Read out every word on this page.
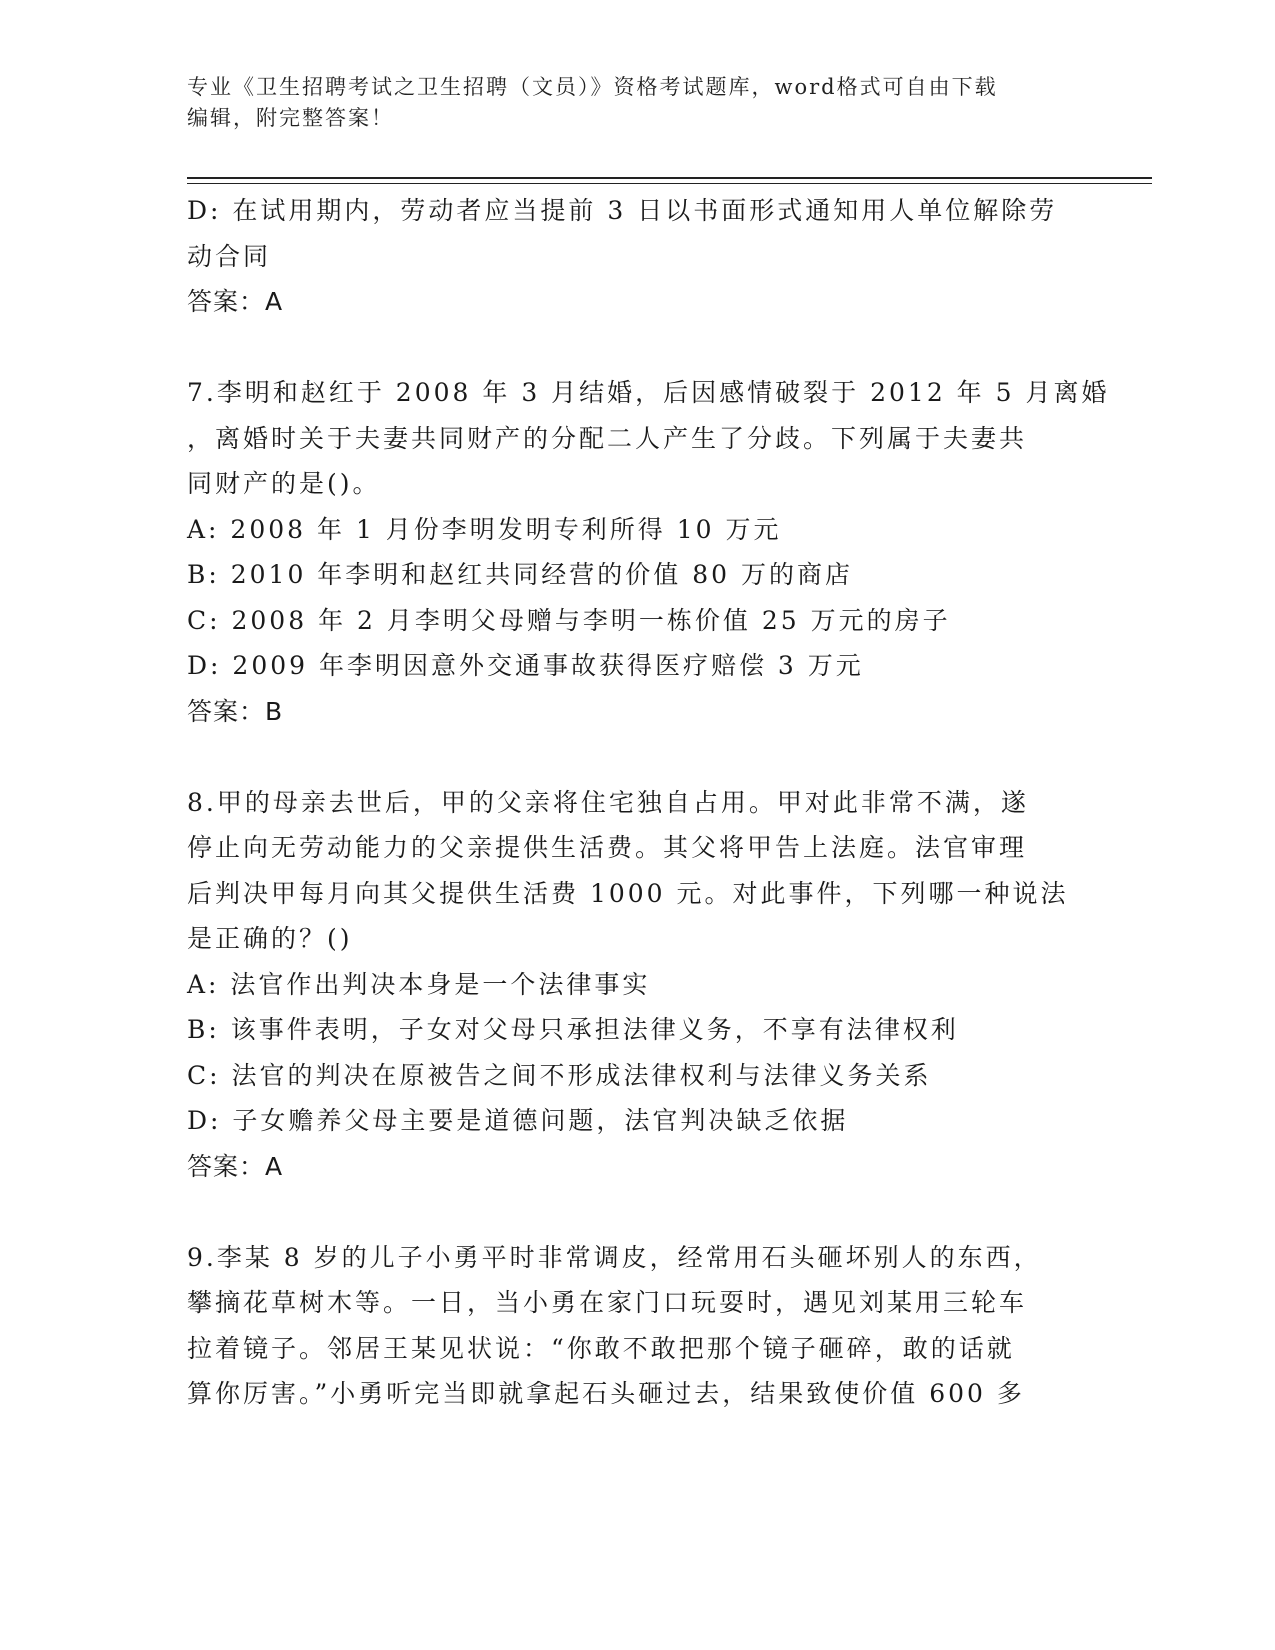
专业《卫生招聘考试之卫生招聘（文员）》资格考试题库，word格式可自由下载
编辑，附完整答案！
D: 在试用期内，劳动者应当提前 3 日以书面形式通知用人单位解除劳
动合同
答案：A
7.李明和赵红于 2008 年 3 月结婚，后因感情破裂于 2012 年 5 月离婚
，离婚时关于夫妻共同财产的分配二人产生了分歧。下列属于夫妻共
同财产的是()。
A: 2008 年 1 月份李明发明专利所得 10 万元
B: 2010 年李明和赵红共同经营的价值 80 万的商店
C: 2008 年 2 月李明父母赠与李明一栋价值 25 万元的房子
D: 2009 年李明因意外交通事故获得医疗赔偿 3 万元
答案：B
8.甲的母亲去世后，甲的父亲将住宅独自占用。甲对此非常不满，遂
停止向无劳动能力的父亲提供生活费。其父将甲告上法庭。法官审理
后判决甲每月向其父提供生活费 1000 元。对此事件，下列哪一种说法
是正确的？()
A: 法官作出判决本身是一个法律事实
B: 该事件表明，子女对父母只承担法律义务，不享有法律权利
C: 法官的判决在原被告之间不形成法律权利与法律义务关系
D: 子女赡养父母主要是道德问题，法官判决缺乏依据
答案：A
9.李某 8 岁的儿子小勇平时非常调皮，经常用石头砸坏别人的东西，
攀摘花草树木等。一日，当小勇在家门口玩耍时，遇见刘某用三轮车
拉着镜子。邻居王某见状说：“你敢不敢把那个镜子砸碎，敢的话就
算你厉害。”小勇听完当即就拿起石头砸过去，结果致使价值 600 多
